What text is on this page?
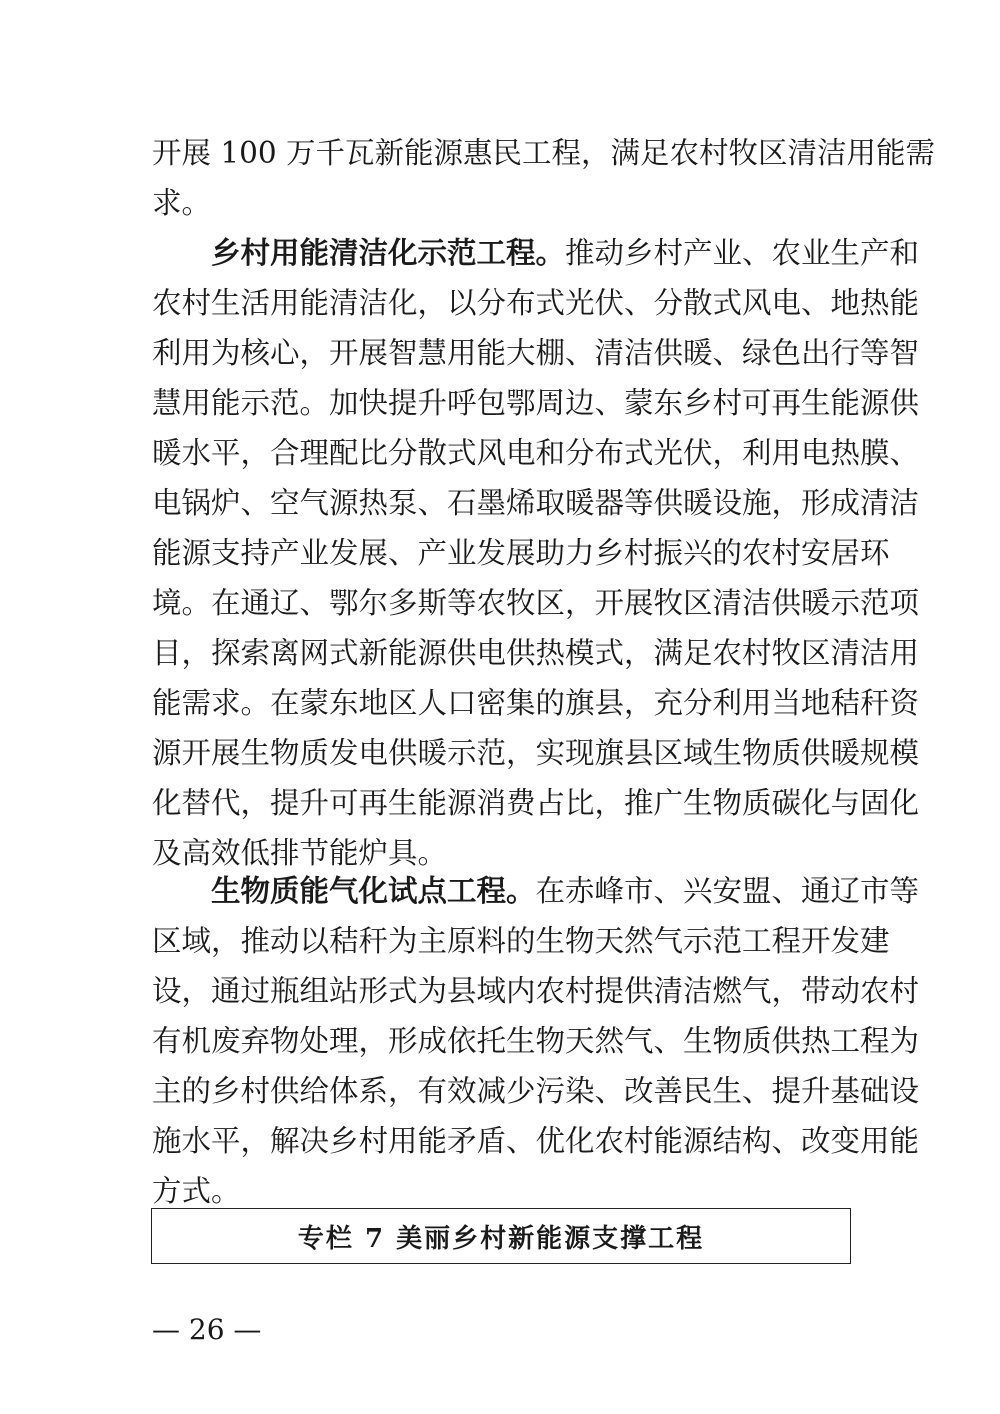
开展 100 万千瓦新能源惠民工程，满足农村牧区清洁用能需
求。
乡村用能清洁化示范工程。推动乡村产业、农业生产和
农村生活用能清洁化，以分布式光伏、分散式风电、地热能
利用为核心，开展智慧用能大棚、清洁供暖、绿色出行等智
慧用能示范。加快提升呼包鄂周边、蒙东乡村可再生能源供
暖水平，合理配比分散式风电和分布式光伏，利用电热膜、
电锅炉、空气源热泵、石墨烯取暖器等供暖设施，形成清洁
能源支持产业发展、产业发展助力乡村振兴的农村安居环
境。在通辽、鄂尔多斯等农牧区，开展牧区清洁供暖示范项
目，探索离网式新能源供电供热模式，满足农村牧区清洁用
能需求。在蒙东地区人口密集的旗县，充分利用当地秸秆资
源开展生物质发电供暖示范，实现旗县区域生物质供暖规模
化替代，提升可再生能源消费占比，推广生物质碳化与固化
及高效低排节能炉具。
生物质能气化试点工程。在赤峰市、兴安盟、通辽市等
区域，推动以秸秆为主原料的生物天然气示范工程开发建
设，通过瓶组站形式为县域内农村提供清洁燃气，带动农村
有机废弃物处理，形成依托生物天然气、生物质供热工程为
主的乡村供给体系，有效减少污染、改善民生、提升基础设
施水平，解决乡村用能矛盾、优化农村能源结构、改变用能
方式。
专栏 7 美丽乡村新能源支撑工程
— 26 —
